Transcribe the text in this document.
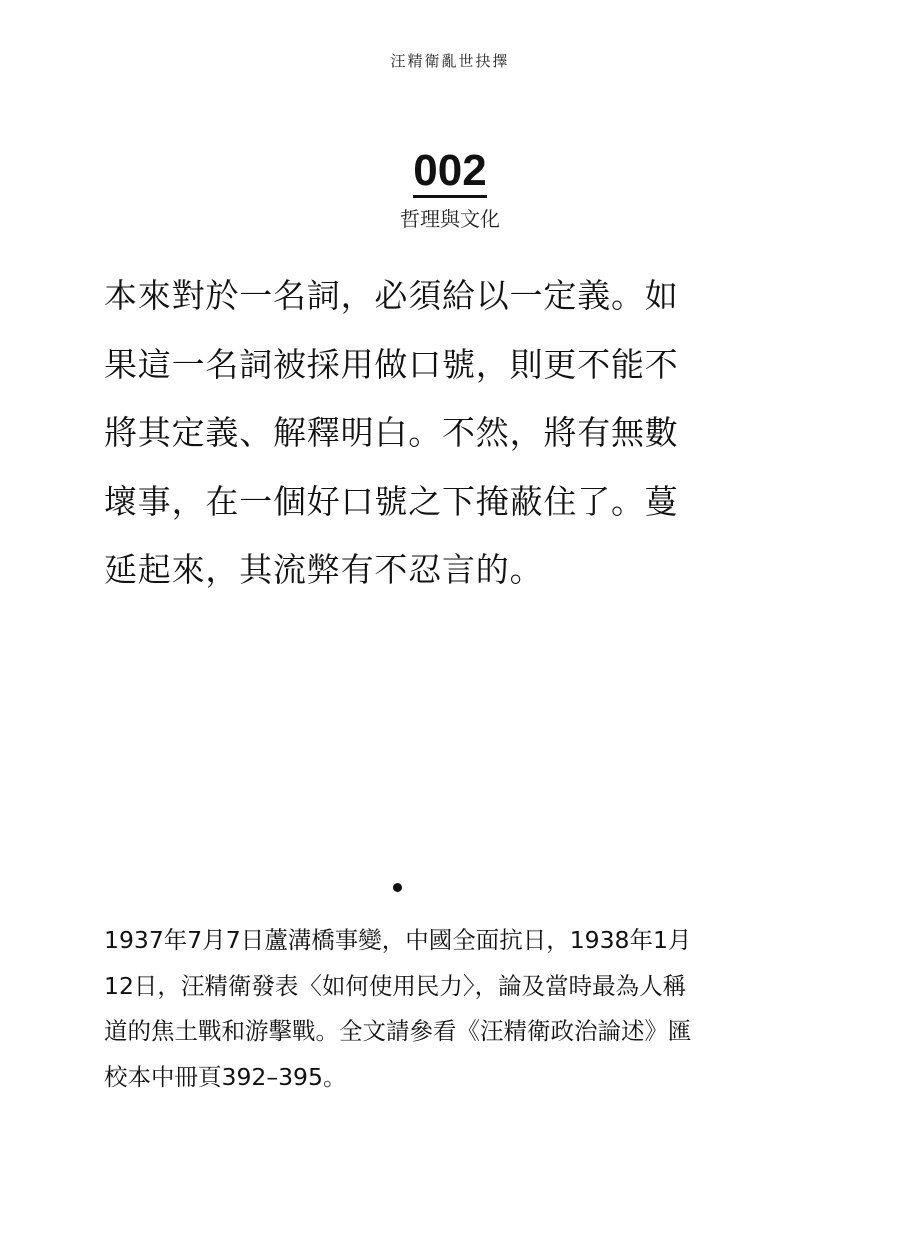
汪精衛亂世抉擇
002
哲理與文化
本來對於一名詞，必須給以一定義。如果這一名詞被採用做口號，則更不能不將其定義、解釋明白。不然，將有無數壞事，在一個好口號之下掩蔽住了。蔓延起來，其流弊有不忍言的。
1937年7月7日蘆溝橋事變，中國全面抗日，1938年1月12日，汪精衛發表〈如何使用民力〉，論及當時最為人稱道的焦土戰和游擊戰。全文請參看《汪精衛政治論述》匯校本中冊頁392–395。
